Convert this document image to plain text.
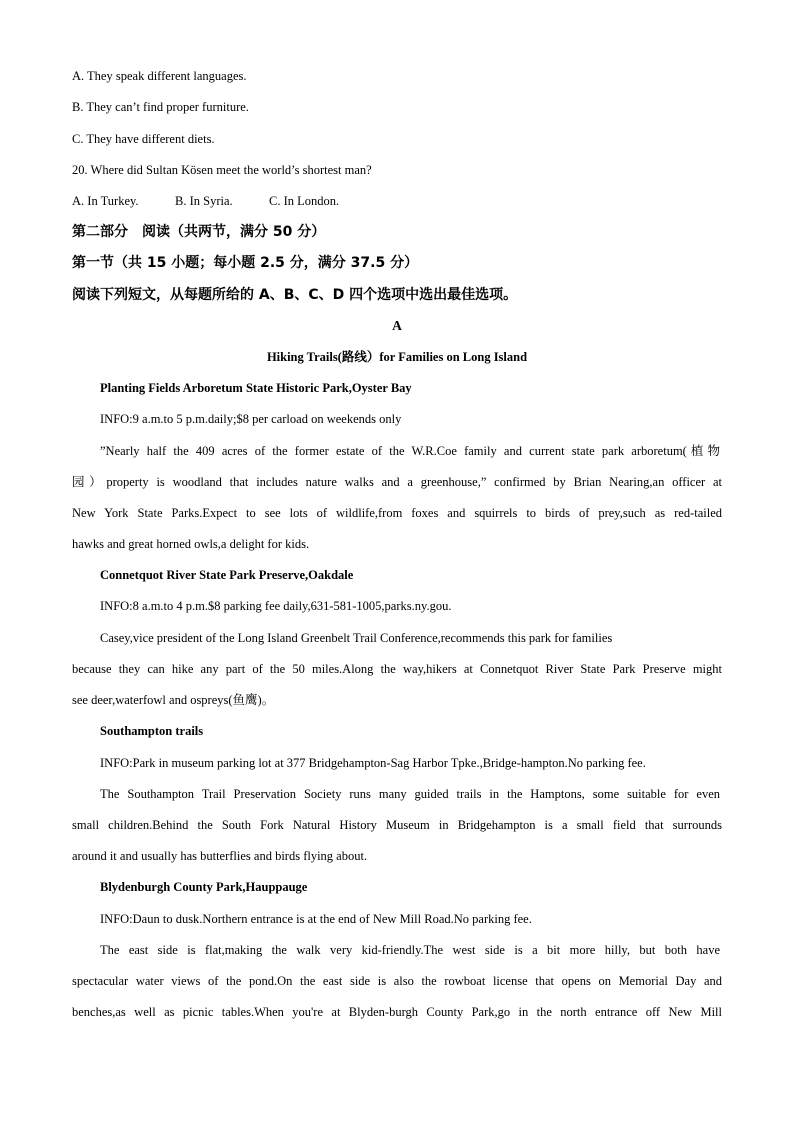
A. They speak different languages.
B. They can’t find proper furniture.
C. They have different diets.
20. Where did Sultan Kösen meet the world’s shortest man?
A. In Turkey.	B. In Syria.	C. In London.
第二部分　阅读（共两节，满分 50 分）
第一节（共 15 小题；每小题 2.5 分，满分 37.5 分）
阅读下列短文，从每题所给的 A、B、C、D 四个选项中选出最佳选项。
A
Hiking Trails(路线）for Families on Long Island
Planting Fields Arboretum State Historic Park,Oyster Bay
INFO:9 a.m.to 5 p.m.daily;$8 per carload on weekends only
”Nearly half the 409 acres of the former estate of the W.R.Coe family and current state park arboretum(植物
园）property is woodland that includes nature walks and a greenhouse,” confirmed by Brian Nearing,an officer at
New York State Parks.Expect to see lots of wildlife,from foxes and squirrels to birds of prey,such as red-tailed
hawks and great horned owls,a delight for kids.
Connetquot River State Park Preserve,Oakdale
INFO:8 a.m.to 4 p.m.$8 parking fee daily,631-581-1005,parks.ny.gou.
Casey,vice president of the Long Island Greenbelt Trail Conference,recommends this park for families
because they can hike any part of the 50 miles.Along the way,hikers at Connetquot River State Park Preserve might
see deer,waterfowl and ospreys(鱼鹰)。
Southampton trails
INFO:Park in museum parking lot at 377 Bridgehampton-Sag Harbor Tpke.,Bridge-hampton.No parking fee.
The Southampton Trail Preservation Society runs many guided trails in the Hamptons, some suitable for even
small children.Behind the South Fork Natural History Museum in Bridgehampton is a small field that surrounds
around it and usually has butterflies and birds flying about.
Blydenburgh County Park,Hauppauge
INFO:Daun to dusk.Northern entrance is at the end of New Mill Road.No parking fee.
The east side is flat,making the walk very kid-friendly.The west side is a bit more hilly, but both have
spectacular water views of the pond.On the east side is also the rowboat license that opens on Memorial Day and
benches,as well as picnic tables.When you're at Blyden-burgh County Park,go in the north entrance off New Mill
